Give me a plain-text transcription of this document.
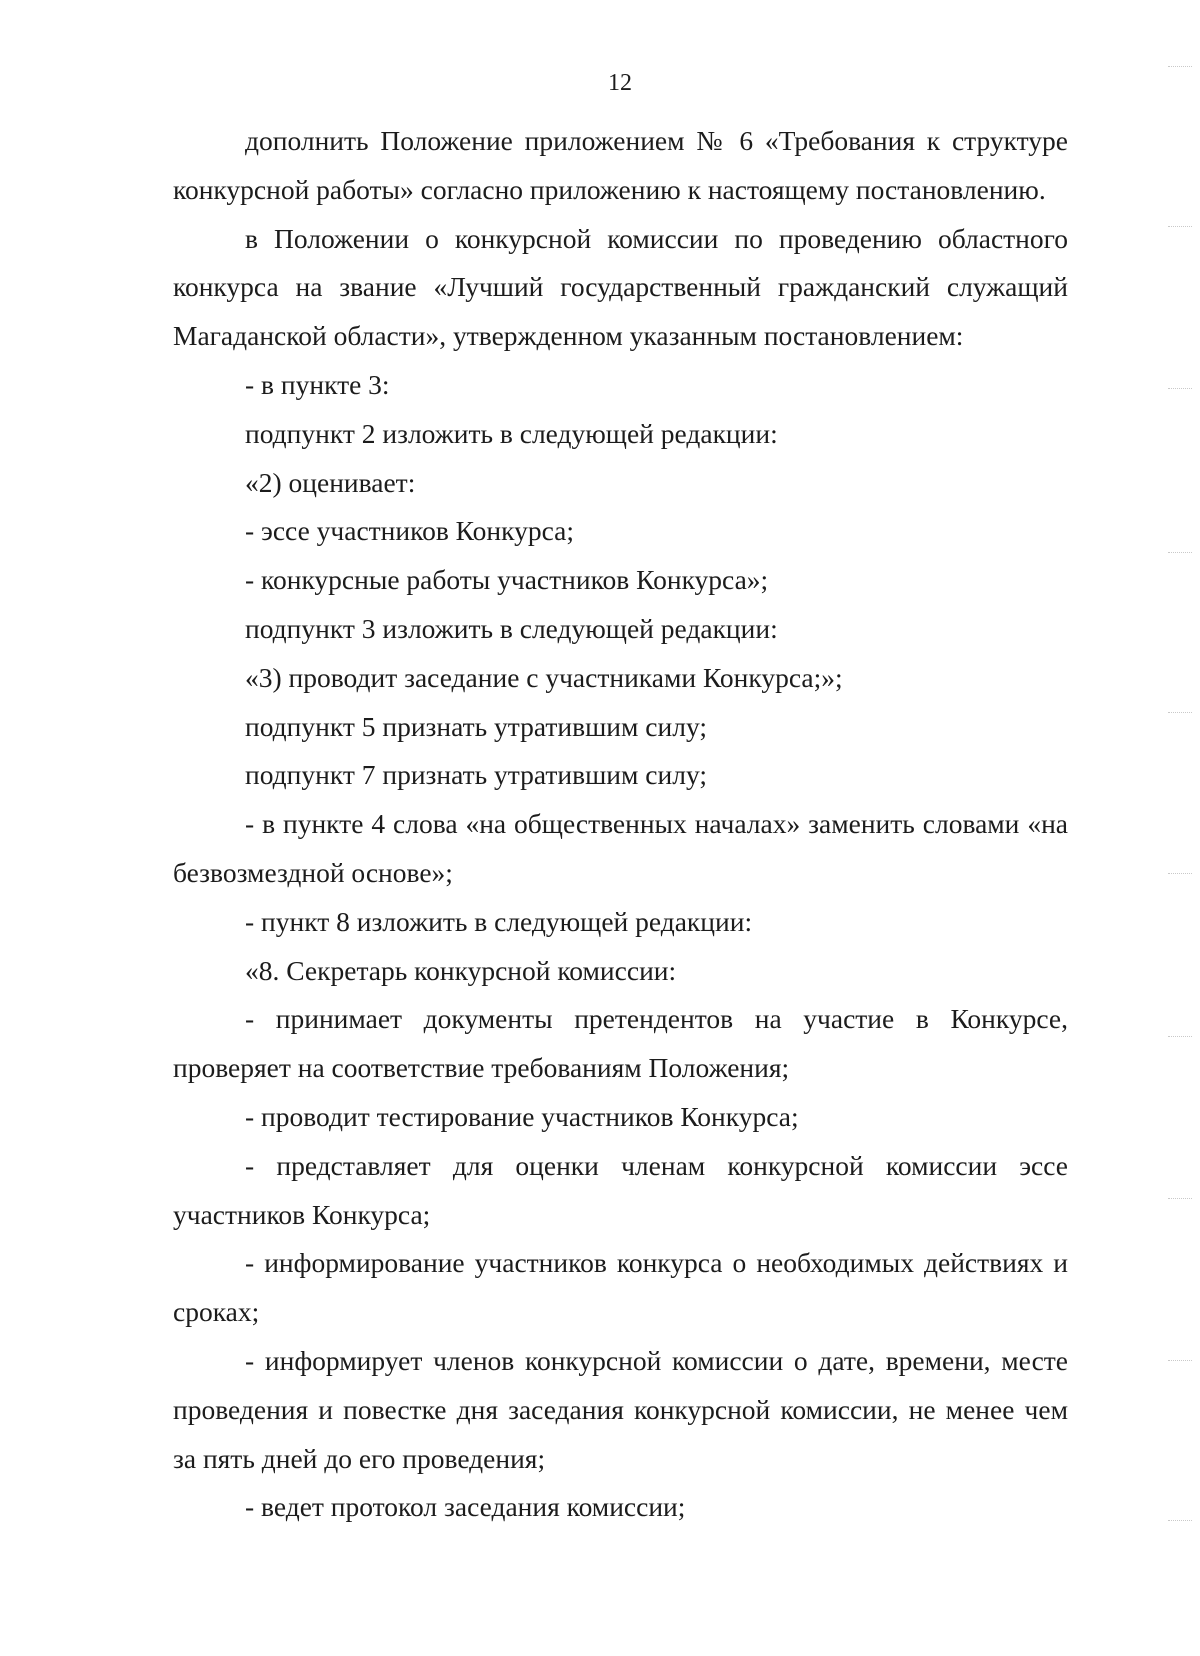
12

дополнить Положение приложением № 6 «Требования к структуре конкурсной работы» согласно приложению к настоящему постановлению.

в Положении о конкурсной комиссии по проведению областного конкурса на звание «Лучший государственный гражданский служащий Магаданской области», утвержденном указанным постановлением:

- в пункте 3:

подпункт 2 изложить в следующей редакции:

«2) оценивает:

- эссе участников Конкурса;

- конкурсные работы участников Конкурса»;

подпункт 3 изложить в следующей редакции:

«3) проводит заседание с участниками Конкурса;»;

подпункт 5 признать утратившим силу;

подпункт 7 признать утратившим силу;

- в пункте 4 слова «на общественных началах» заменить словами «на безвозмездной основе»;

- пункт 8 изложить в следующей редакции:

«8. Секретарь конкурсной комиссии:

- принимает документы претендентов на участие в Конкурсе, проверяет на соответствие требованиям Положения;

- проводит тестирование участников Конкурса;

- представляет для оценки членам конкурсной комиссии эссе участников Конкурса;

- информирование участников конкурса о необходимых действиях и сроках;

- информирует членов конкурсной комиссии о дате, времени, месте проведения и повестке дня заседания конкурсной комиссии, не менее чем за пять дней до его проведения;

- ведет протокол заседания комиссии;
